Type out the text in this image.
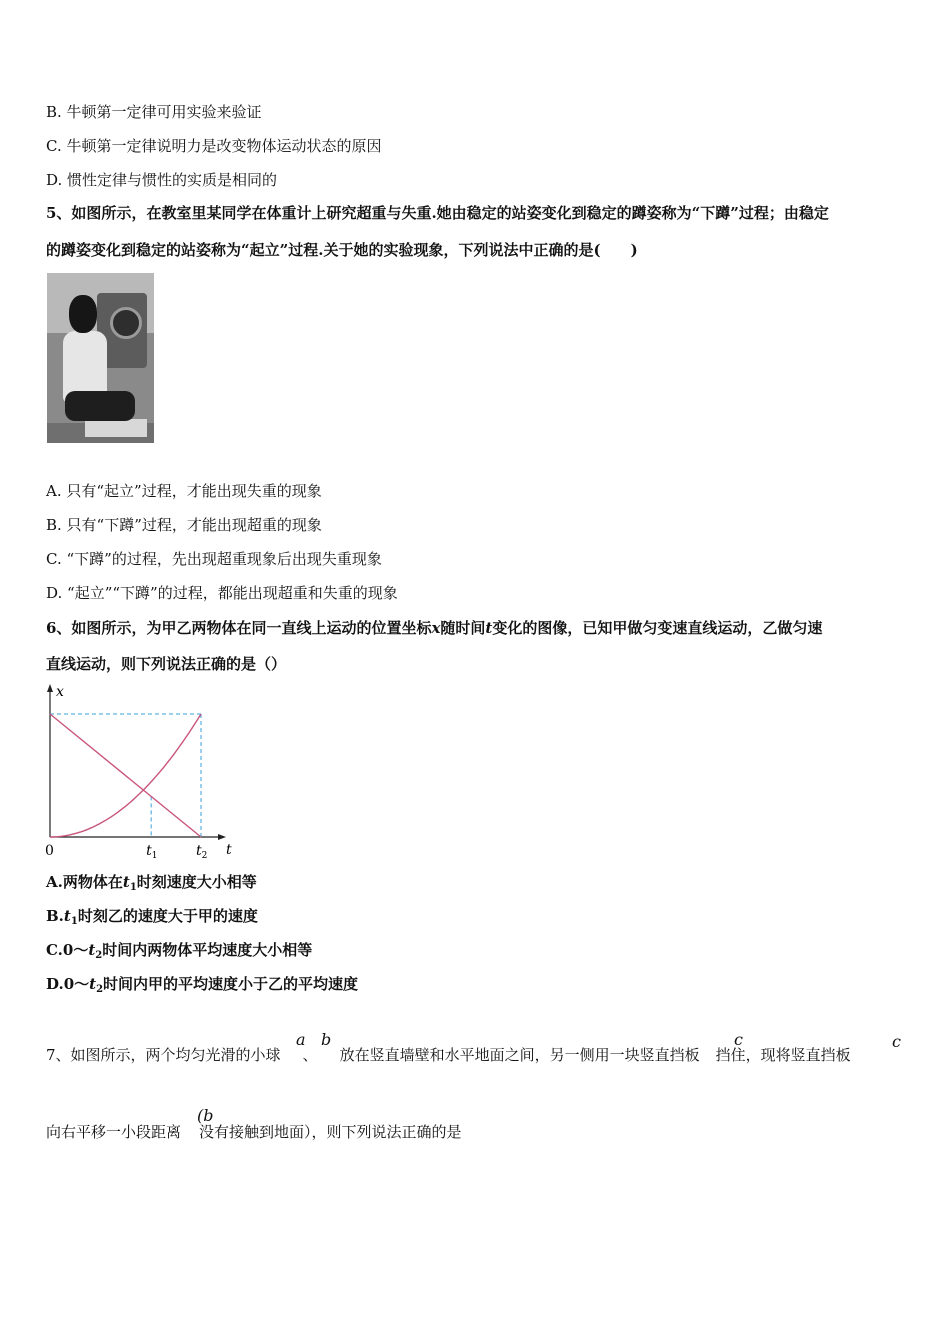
B. 牛顿第一定律可用实验来验证
C. 牛顿第一定律说明力是改变物体运动状态的原因
D. 惯性定律与惯性的实质是相同的
5、如图所示，在教室里某同学在体重计上研究超重与失重.她由稳定的站姿变化到稳定的蹲姿称为“下蹲”过程；由稳定
的蹲姿变化到稳定的站姿称为“起立”过程.关于她的实验现象，下列说法中正确的是(　　)
A. 只有“起立”过程，才能出现失重的现象
B. 只有“下蹲”过程，才能出现超重的现象
C. “下蹲”的过程，先出现超重现象后出现失重现象
D. “起立”“下蹲”的过程，都能出现超重和失重的现象
6、如图所示，为甲乙两物体在同一直线上运动的位置坐标x随时间t变化的图像，已知甲做匀变速直线运动，乙做匀速
直线运动，则下列说法正确的是（）
x
t
0	$t_1$	$t_2$
A.两物体在$t_1$时刻速度大小相等
$B.t_1$时刻乙的速度大于甲的速度
$C.0\sim t_2$时间内两物体平均速度大小相等
$D.0\sim t_2$时间内甲的平均速度小于乙的平均速度
7、如图所示，两个均匀光滑的小球 、 放在竖直墙壁和水平地面之间，另一侧用一块竖直挡板 挡住，现将竖直挡板
a b	c	c
向右平移一小段距离 没有接触到地面），则下列说法正确的是
(b
